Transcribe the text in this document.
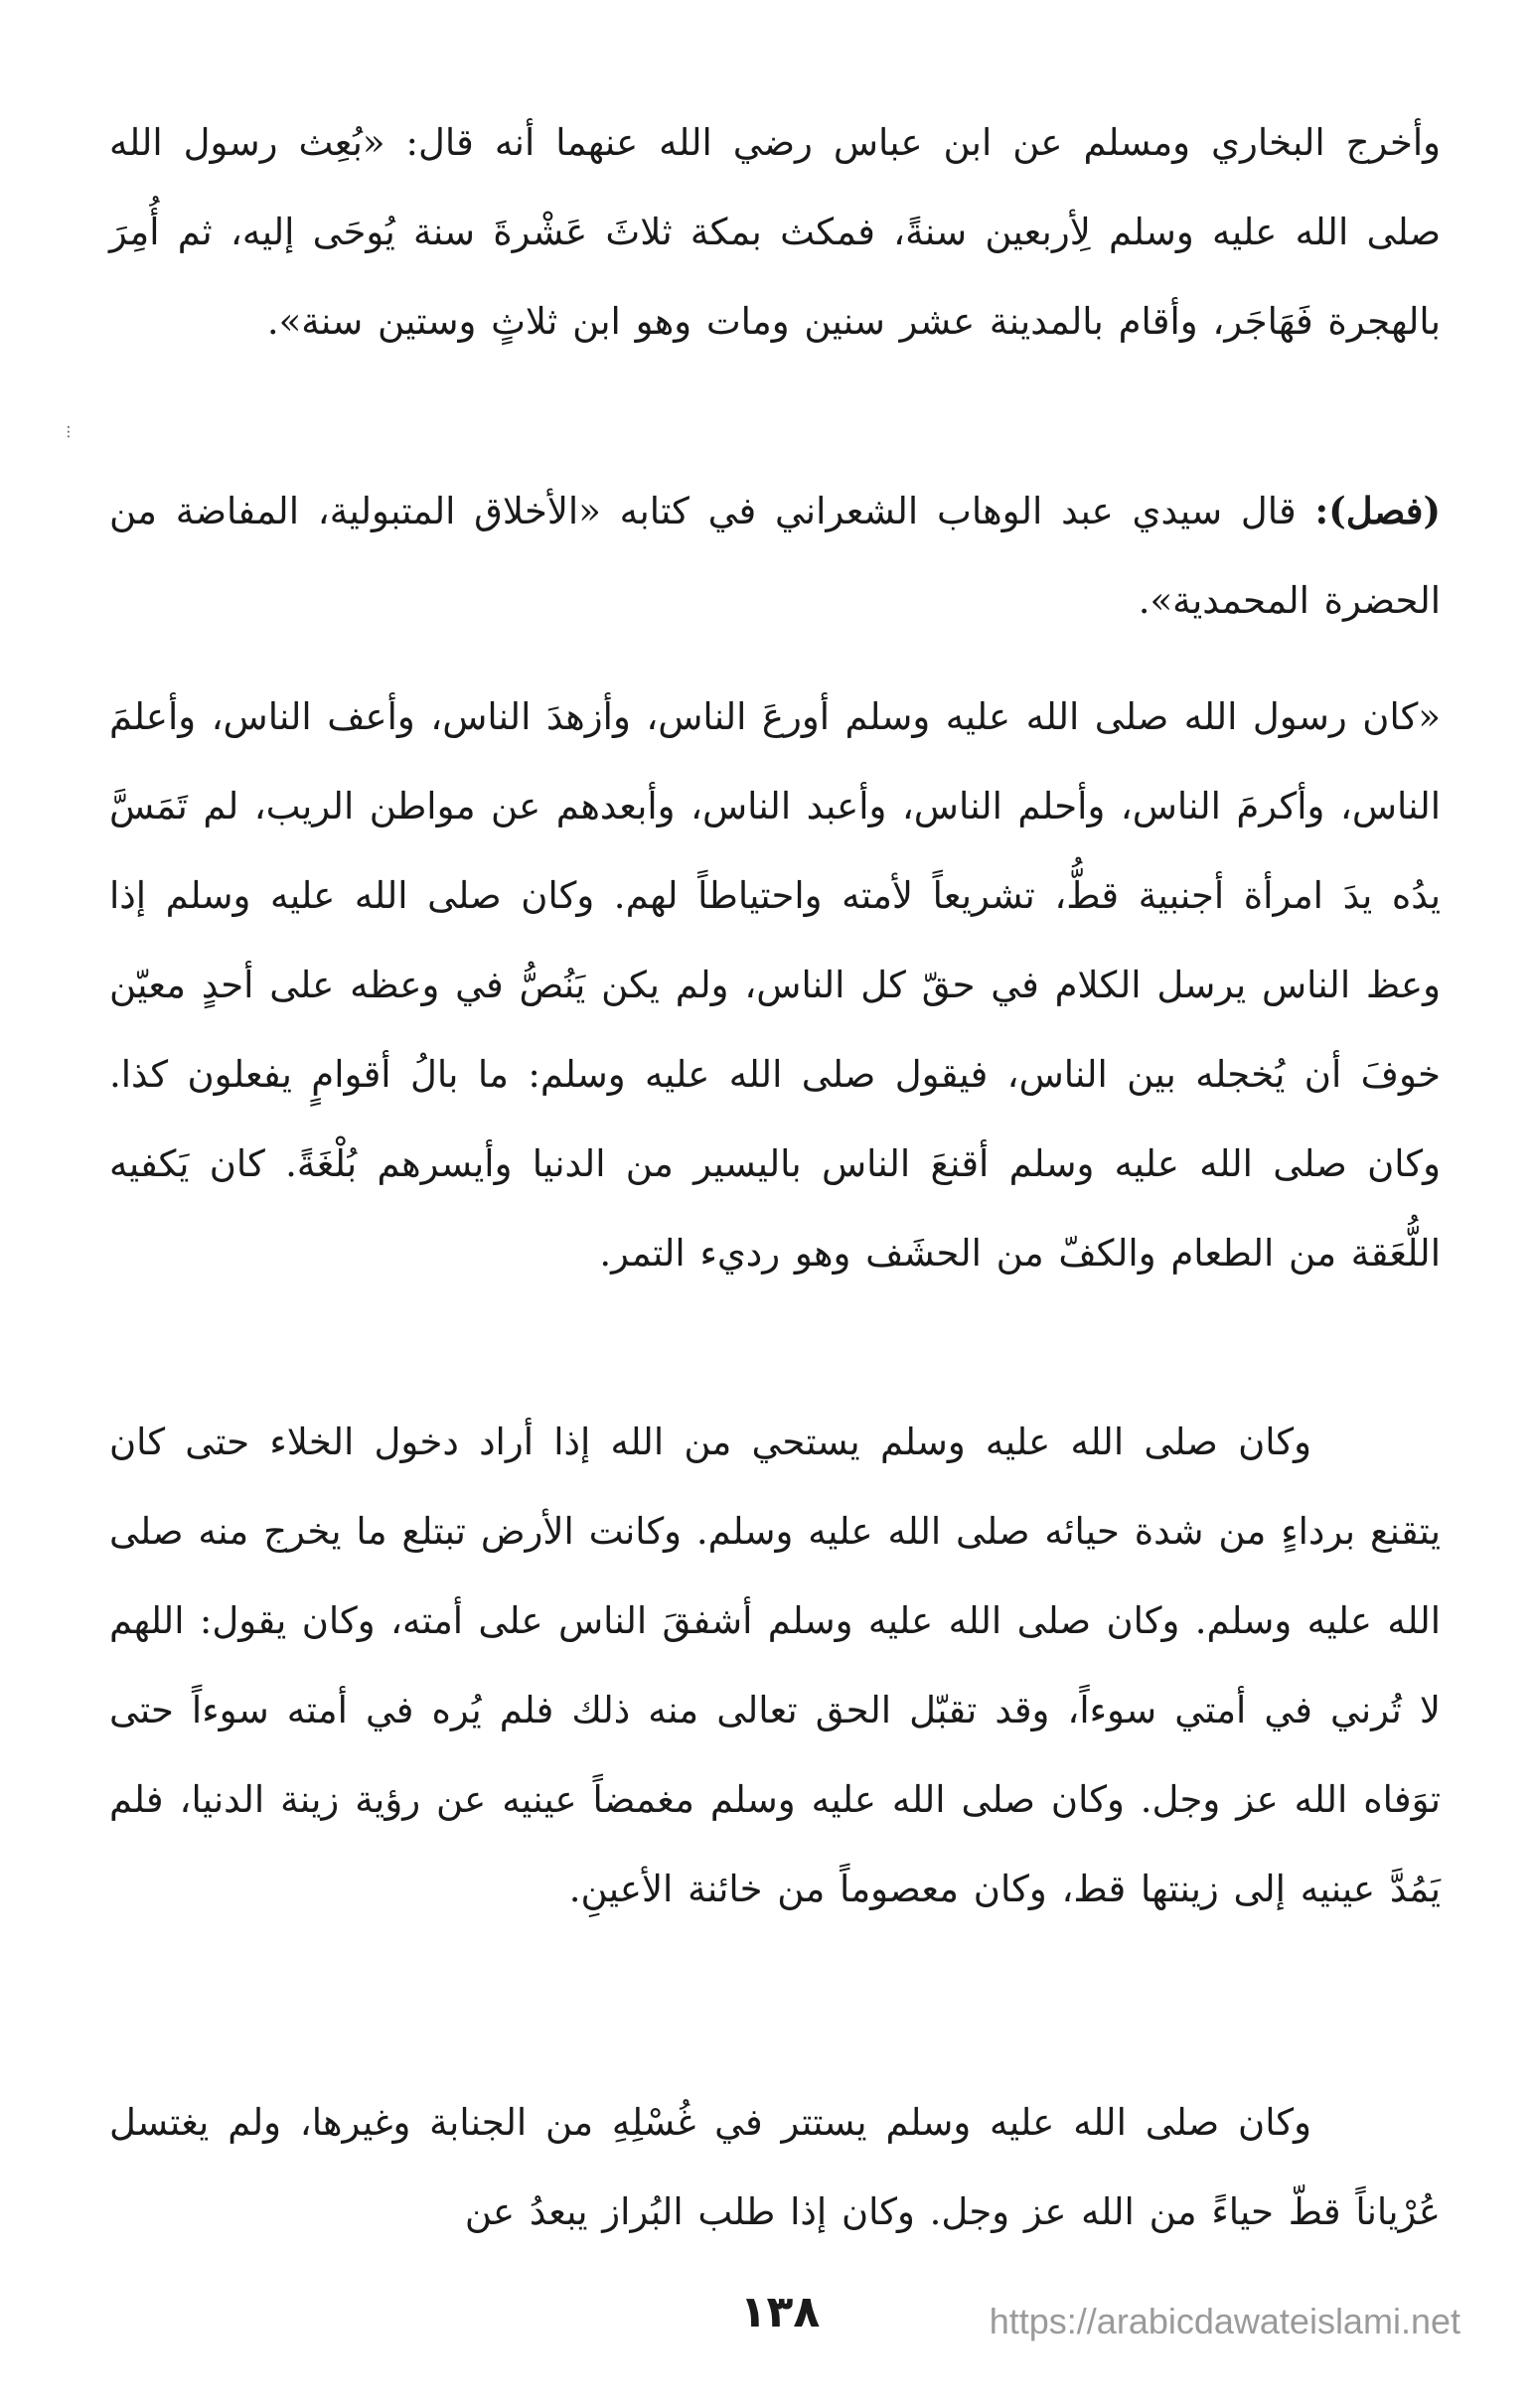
وأخرج البخاري ومسلم عن ابن عباس رضي الله عنهما أنه قال: «بُعِث رسول الله صلى الله عليه وسلم لِأربعين سنةً، فمكث بمكة ثلاثَ عَشْرةَ سنة يُوحَى إليه، ثم أُمِرَ بالهجرة فَهَاجَر، وأقام بالمدينة عشر سنين ومات وهو ابن ثلاثٍ وستين سنة».

⋮

(فصل): قال سيدي عبد الوهاب الشعراني في كتابه «الأخلاق المتبولية، المفاضة من الحضرة المحمدية».

«كان رسول الله صلى الله عليه وسلم أورعَ الناس، وأزهدَ الناس، وأعف الناس، وأعلمَ الناس، وأكرمَ الناس، وأحلم الناس، وأعبد الناس، وأبعدهم عن مواطن الريب، لم تَمَسَّ يدُه يدَ امرأة أجنبية قطُّ، تشريعاً لأمته واحتياطاً لهم. وكان صلى الله عليه وسلم إذا وعظ الناس يرسل الكلام في حقّ كل الناس، ولم يكن يَنُصُّ في وعظه على أحدٍ معيّن خوفَ أن يُخجله بين الناس، فيقول صلى الله عليه وسلم: ما بالُ أقوامٍ يفعلون كذا. وكان صلى الله عليه وسلم أقنعَ الناس باليسير من الدنيا وأيسرهم بُلْغَةً. كان يَكفيه اللُّعَقة من الطعام والكفّ من الحشَف وهو رديء التمر.

وكان صلى الله عليه وسلم يستحي من الله إذا أراد دخول الخلاء حتى كان يتقنع برداءٍ من شدة حيائه صلى الله عليه وسلم. وكانت الأرض تبتلع ما يخرج منه صلى الله عليه وسلم. وكان صلى الله عليه وسلم أشفقَ الناس على أمته، وكان يقول: اللهم لا تُرني في أمتي سوءاً، وقد تقبّل الحق تعالى منه ذلك فلم يُره في أمته سوءاً حتى توَفاه الله عز وجل. وكان صلى الله عليه وسلم مغمضاً عينيه عن رؤية زينة الدنيا، فلم يَمُدَّ عينيه إلى زينتها قط، وكان معصوماً من خائنة الأعينِ.

وكان صلى الله عليه وسلم يستتر في غُسْلِهِ من الجنابة وغيرها، ولم يغتسل عُرْياناً قطّ حياءً من الله عز وجل. وكان إذا طلب البُراز يبعدُ عن

١٣٨	https://arabicdawateislami.net
